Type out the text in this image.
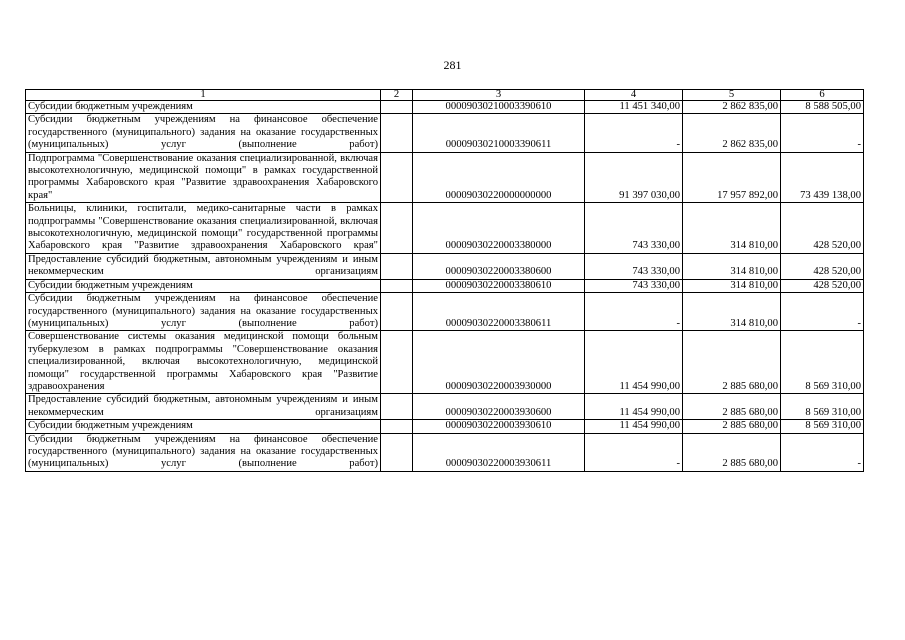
281
1	2	3	4	5	6
Субсидии бюджетным учреждениям		00009030210003390610	11 451 340,00	2 862 835,00	8 588 505,00
Субсидии бюджетным учреждениям на финансовое обеспечение государственного (муниципального) задания на оказание государственных (муниципальных) услуг (выполнение работ)		00009030210003390611	-	2 862 835,00	-
Подпрограмма "Совершенствование оказания специализированной, включая высокотехнологичную, медицинской помощи" в рамках государственной программы Хабаровского края "Развитие здравоохранения Хабаровского края"		00009030220000000000	91 397 030,00	17 957 892,00	73 439 138,00
Больницы, клиники, госпитали, медико-санитарные части в рамках подпрограммы "Совершенствование оказания специализированной, включая высокотехнологичную, медицинской помощи" государственной программы Хабаровского края "Развитие здравоохранения Хабаровского края"		00009030220003380000	743 330,00	314 810,00	428 520,00
Предоставление субсидий бюджетным, автономным учреждениям и иным некоммерческим организациям		00009030220003380600	743 330,00	314 810,00	428 520,00
Субсидии бюджетным учреждениям		00009030220003380610	743 330,00	314 810,00	428 520,00
Субсидии бюджетным учреждениям на финансовое обеспечение государственного (муниципального) задания на оказание государственных (муниципальных) услуг (выполнение работ)		00009030220003380611	-	314 810,00	-
Совершенствование системы оказания медицинской помощи больным туберкулезом в рамках подпрограммы "Совершенствование оказания специализированной, включая высокотехнологичную, медицинской помощи" государственной программы Хабаровского края "Развитие здравоохранения		00009030220003930000	11 454 990,00	2 885 680,00	8 569 310,00
Предоставление субсидий бюджетным, автономным учреждениям и иным некоммерческим организациям		00009030220003930600	11 454 990,00	2 885 680,00	8 569 310,00
Субсидии бюджетным учреждениям		00009030220003930610	11 454 990,00	2 885 680,00	8 569 310,00
Субсидии бюджетным учреждениям на финансовое обеспечение государственного (муниципального) задания на оказание государственных (муниципальных) услуг (выполнение работ)		00009030220003930611	-	2 885 680,00	-
